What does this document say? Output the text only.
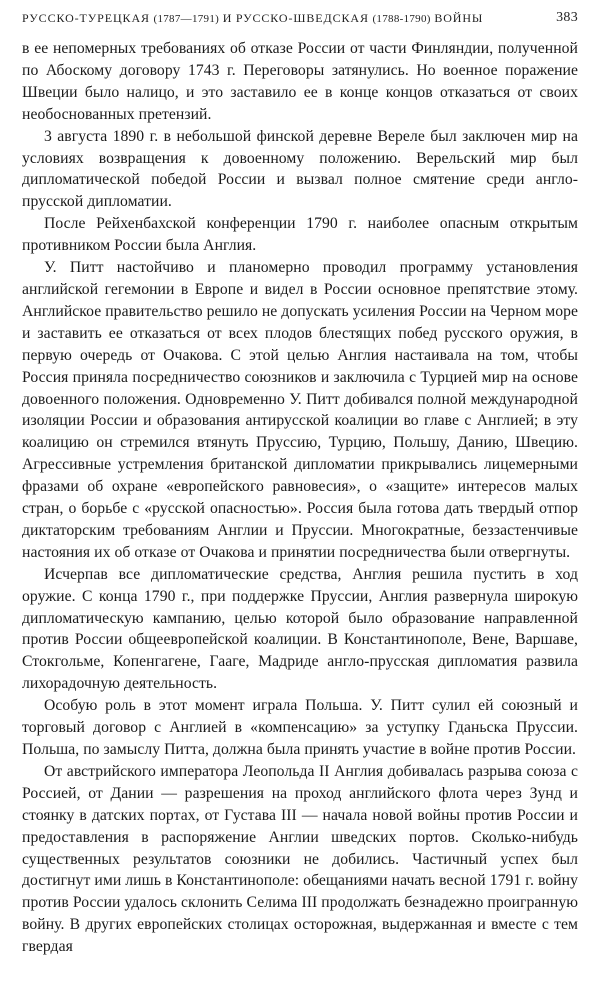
РУССКО-ТУРЕЦКАЯ (1787—1791) И РУССКО-ШВЕДСКАЯ (1788-1790) ВОЙНЫ	383

в ее непомерных требованиях об отказе России от части Финляндии, полученной по Абоскому договору 1743 г. Переговоры затянулись. Но военное поражение Швеции было налицо, и это заставило ее в конце концов отказаться от своих необоснованных претензий.

3 августа 1890 г. в небольшой финской деревне Вереле был заключен мир на условиях возвращения к довоенному положению. Верельский мир был дипломатической победой России и вызвал полное смятение среди англо-прусской дипломатии.

После Рейхенбахской конференции 1790 г. наиболее опасным открытым противником России была Англия.

У. Питт настойчиво и планомерно проводил программу установления английской гегемонии в Европе и видел в России основное препятствие этому. Английское правительство решило не допускать усиления России на Черном море и заставить ее отказаться от всех плодов блестящих побед русского оружия, в первую очередь от Очакова. С этой целью Англия настаивала на том, чтобы Россия приняла посредничество союзников и заключила с Турцией мир на основе довоенного положения. Одновременно У. Питт добивался полной международной изоляции России и образования антирусской коалиции во главе с Англией; в эту коалицию он стремился втянуть Пруссию, Турцию, Польшу, Данию, Швецию. Агрессивные устремления британской дипломатии прикрывались лицемерными фразами об охране «европейского равновесия», о «защите» интересов малых стран, о борьбе с «русской опасностью». Россия была готова дать твердый отпор диктаторским требованиям Англии и Пруссии. Многократные, беззастенчивые настояния их об отказе от Очакова и принятии посредничества были отвергнуты.

Исчерпав все дипломатические средства, Англия решила пустить в ход оружие. С конца 1790 г., при поддержке Пруссии, Англия развернула широкую дипломатическую кампанию, целью которой было образование направленной против России общеевропейской коалиции. В Константинополе, Вене, Варшаве, Стокгольме, Копенгагене, Гааге, Мадриде англо-прусская дипломатия развила лихорадочную деятельность.

Особую роль в этот момент играла Польша. У. Питт сулил ей союзный и торговый договор с Англией в «компенсацию» за уступку Гданьска Пруссии. Польша, по замыслу Питта, должна была принять участие в войне против России.

От австрийского императора Леопольда II Англия добивалась разрыва союза с Россией, от Дании — разрешения на проход английского флота через Зунд и стоянку в датских портах, от Густава III — начала новой войны против России и предоставления в распоряжение Англии шведских портов. Сколько-нибудь существенных результатов союзники не добились. Частичный успех был достигнут ими лишь в Константинополе: обещаниями начать весной 1791 г. войну против России удалось склонить Селима III продолжать безнадежно проигранную войну. В других европейских столицах осторожная, выдержанная и вместе с тем гвердая
